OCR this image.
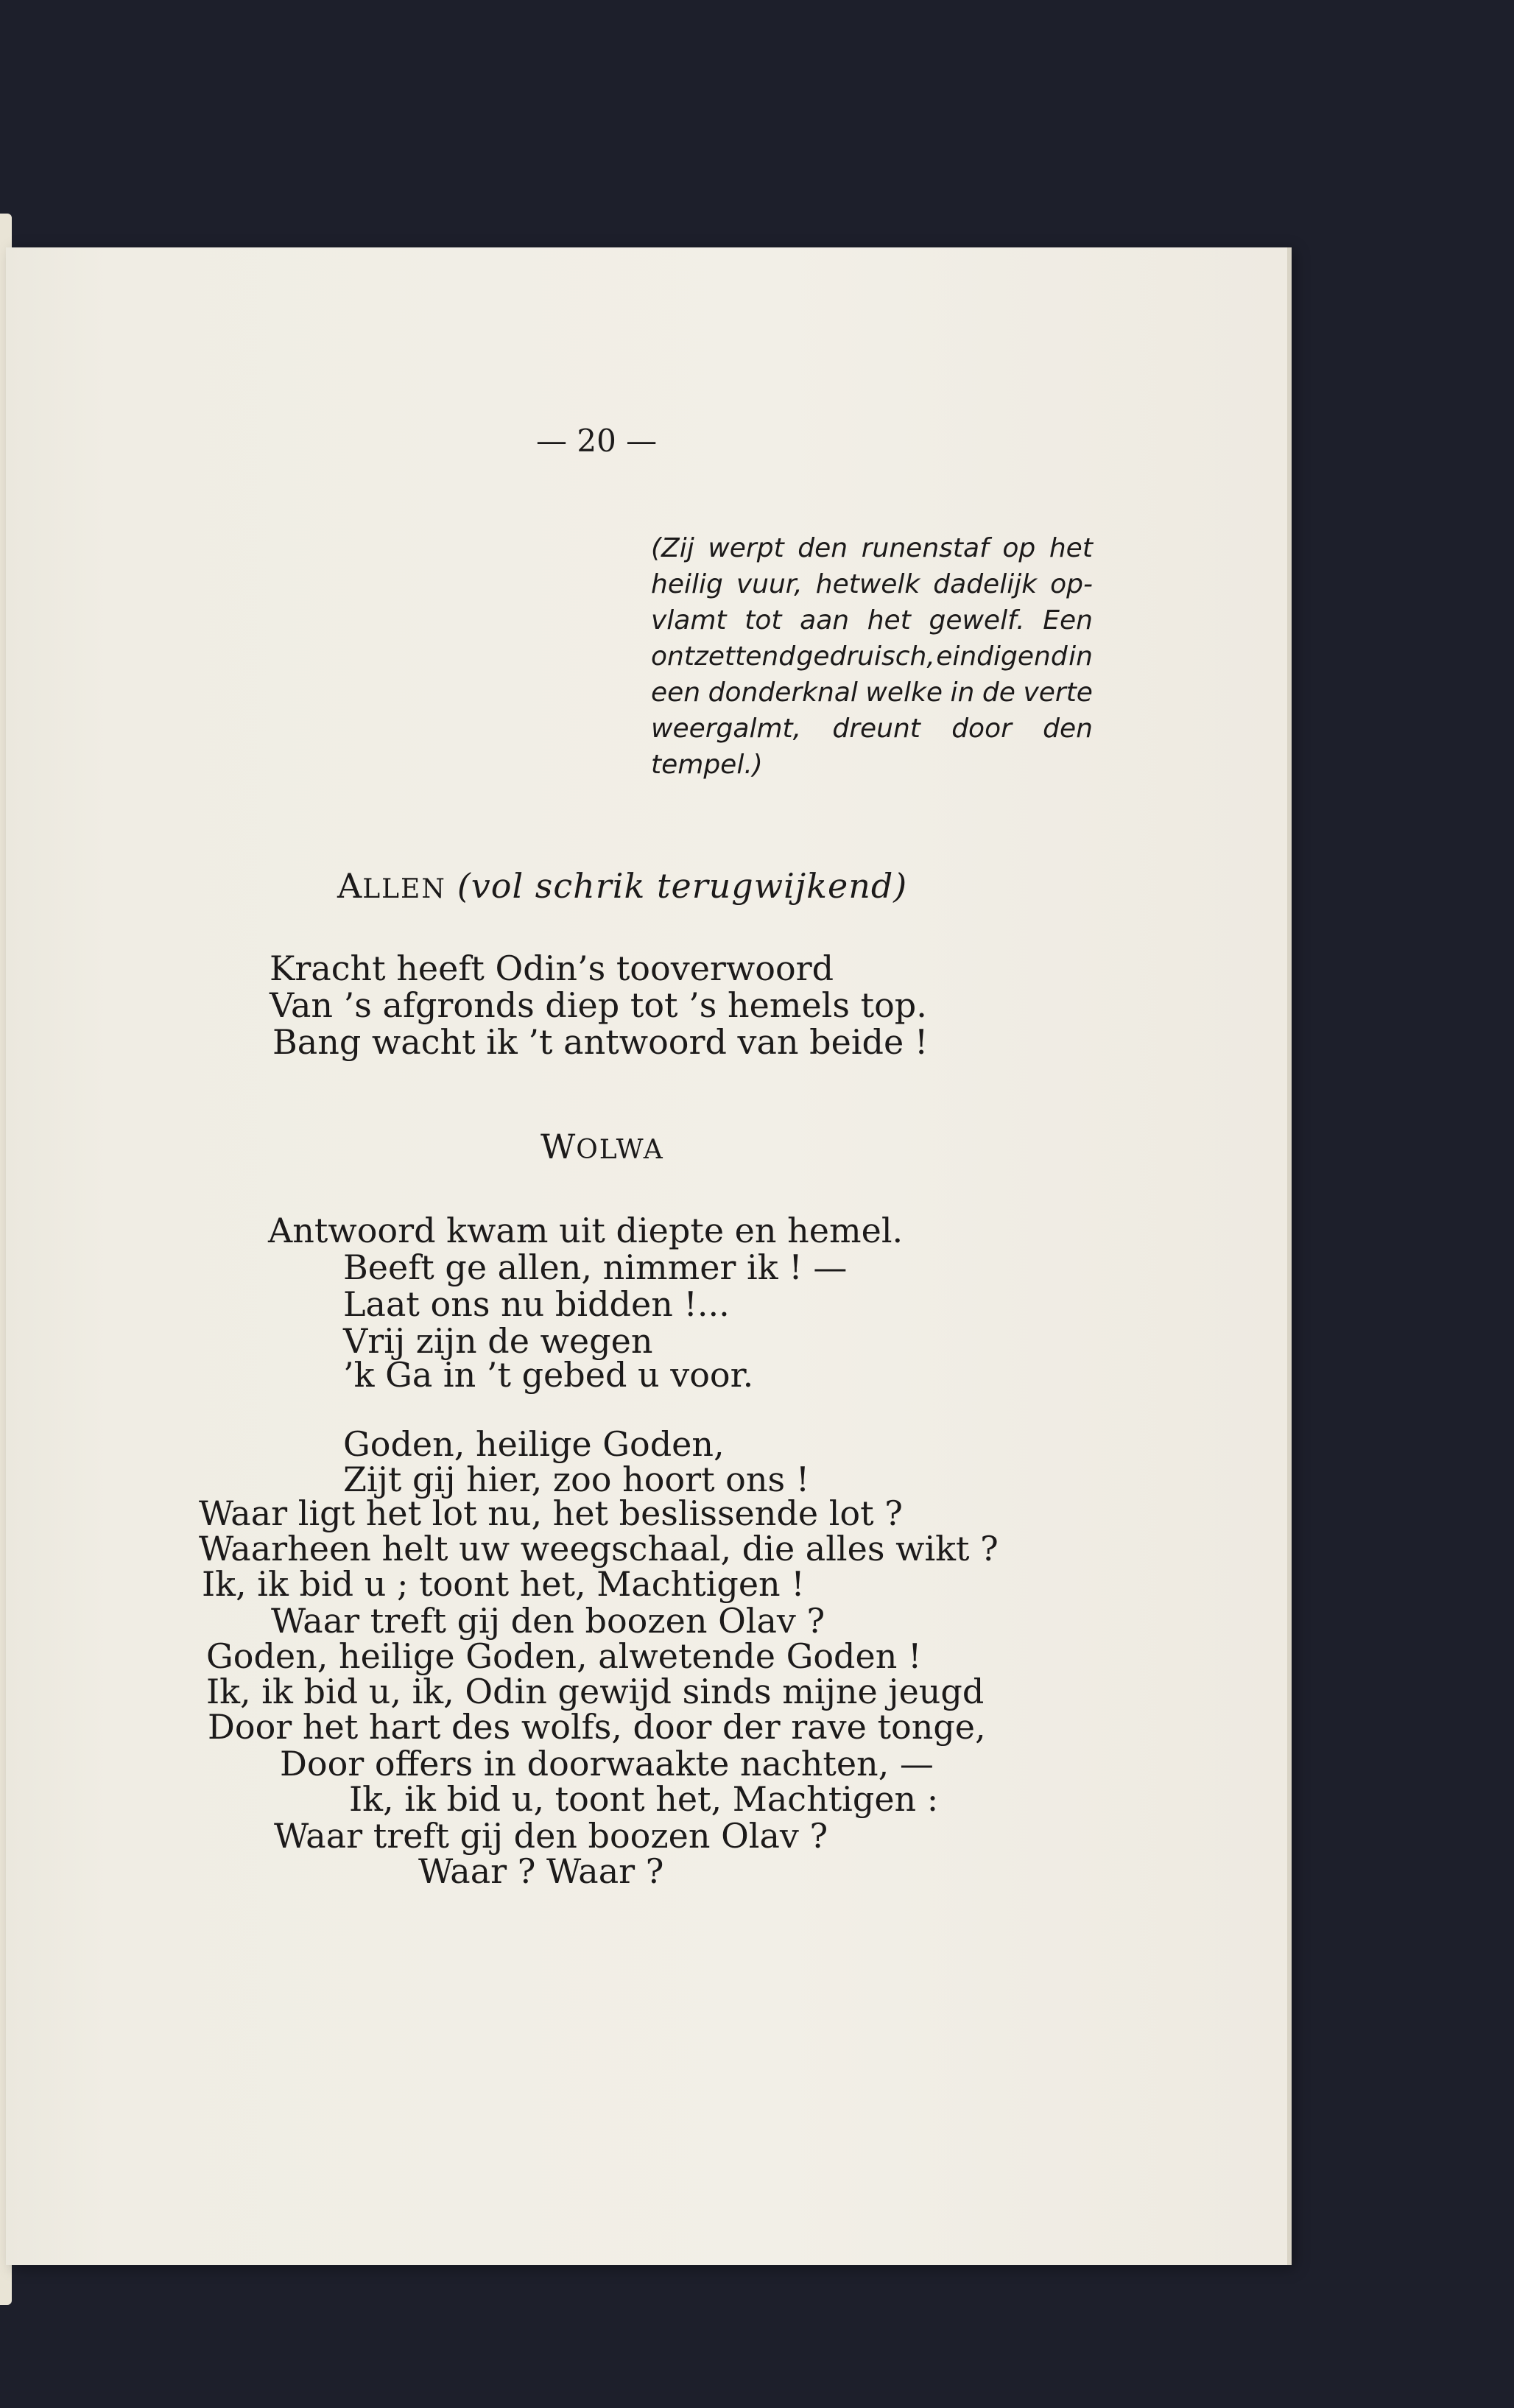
— 20 —
(Zij werpt den runenstaf op het
heilig vuur, hetwelk dadelijk op-
vlamt tot aan het gewelf. Een
ontzettend gedruisch, eindigend in
een donderknal welke in de verte
weergalmt, dreunt door den
tempel.)
ALLEN (vol schrik terugwijkend)
Kracht heeft Odin’s tooverwoord
Van ’s afgronds diep tot ’s hemels top.
Bang wacht ik ’t antwoord van beide !
WOLWA
Antwoord kwam uit diepte en hemel.
Beeft ge allen, nimmer ik ! —
Laat ons nu bidden !...
Vrij zijn de wegen
’k Ga in ’t gebed u voor.
Goden, heilige Goden,
Zijt gij hier, zoo hoort ons !
Waar ligt het lot nu, het beslissende lot ?
Waarheen helt uw weegschaal, die alles wikt ?
Ik, ik bid u ; toont het, Machtigen !
Waar treft gij den boozen Olav ?
Goden, heilige Goden, alwetende Goden !
Ik, ik bid u, ik, Odin gewijd sinds mijne jeugd
Door het hart des wolfs, door der rave tonge,
Door offers in doorwaakte nachten, —
Ik, ik bid u, toont het, Machtigen :
Waar treft gij den boozen Olav ?
Waar ? Waar ?
